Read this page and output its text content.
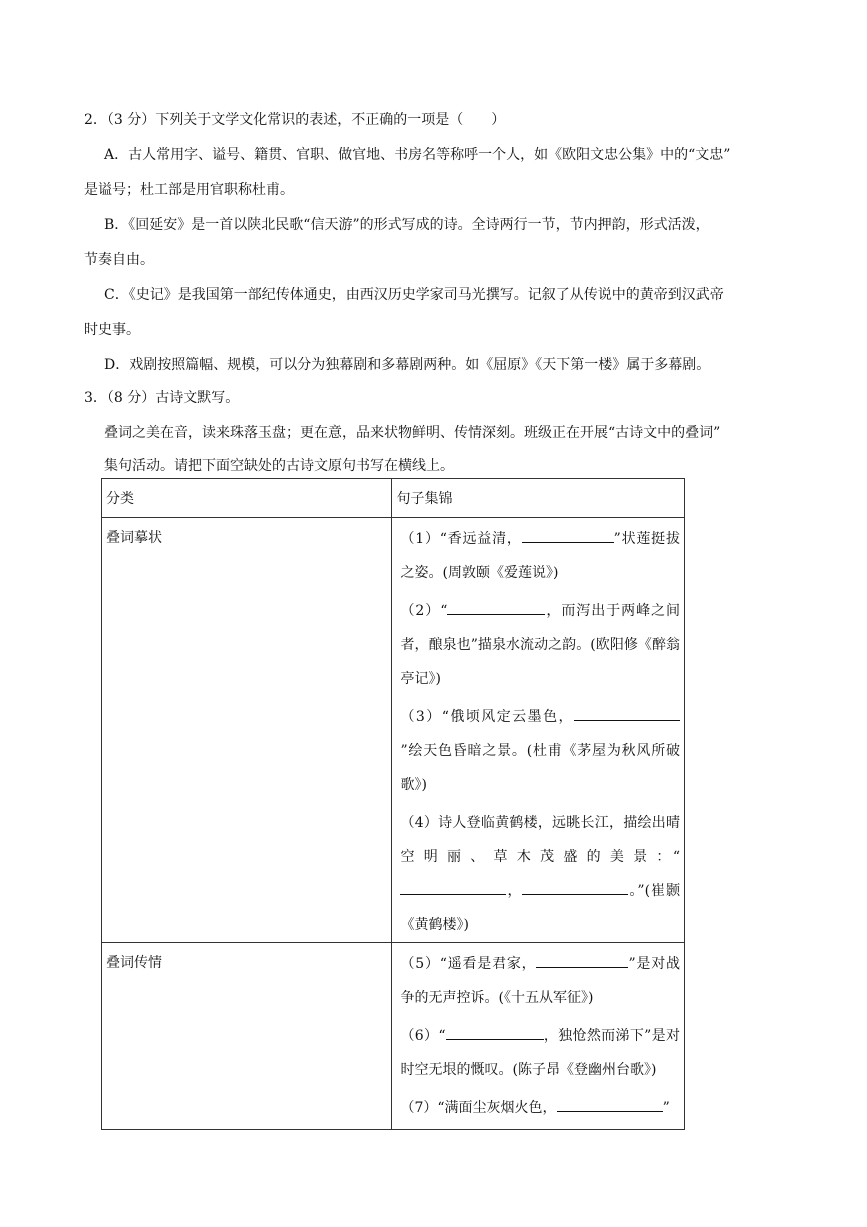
2．（3 分）下列关于文学文化常识的表述，不正确的一项是（　　）
A．古人常用字、谥号、籍贯、官职、做官地、书房名等称呼一个人，如《欧阳文忠公集》中的“文忠”
是谥号；杜工部是用官职称杜甫。
B．《回延安》是一首以陕北民歌“信天游”的形式写成的诗。全诗两行一节，节内押韵，形式活泼，
节奏自由。
C．《史记》是我国第一部纪传体通史，由西汉历史学家司马光撰写。记叙了从传说中的黄帝到汉武帝
时史事。
D．戏剧按照篇幅、规模，可以分为独幕剧和多幕剧两种。如《屈原》《天下第一楼》属于多幕剧。
3．（8 分）古诗文默写。
叠词之美在音，读来珠落玉盘；更在意，品来状物鲜明、传情深刻。班级正在开展“古诗文中的叠词”
集句活动。请把下面空缺处的古诗文原句书写在横线上。
分类	句子集锦

叠词摹状	（1）“香远益清， ”状莲挺拔之姿。(周敦颐《爱莲说》)
（2）“ ，而泻出于两峰之间者，酿泉也”描泉水流动之韵。(欧阳修《醉翁亭记》)
（3）“俄顷风定云墨色，”绘天色昏暗之景。(杜甫《茅屋为秋风所破歌》)
（4）诗人登临黄鹤楼，远眺长江，描绘出晴 空 明 丽 、 草 木 茂 盛 的 美 景 ：“， 。”(崔颢《黄鹤楼》)

叠词传情	（5）“遥看是君家， ”是对战争的无声控诉。(《十五从军征》)
（6）“ ，独怆然而涕下”是对时空无垠的慨叹。(陈子昂《登幽州台歌》)
（7）“满面尘灰烟火色， ”
